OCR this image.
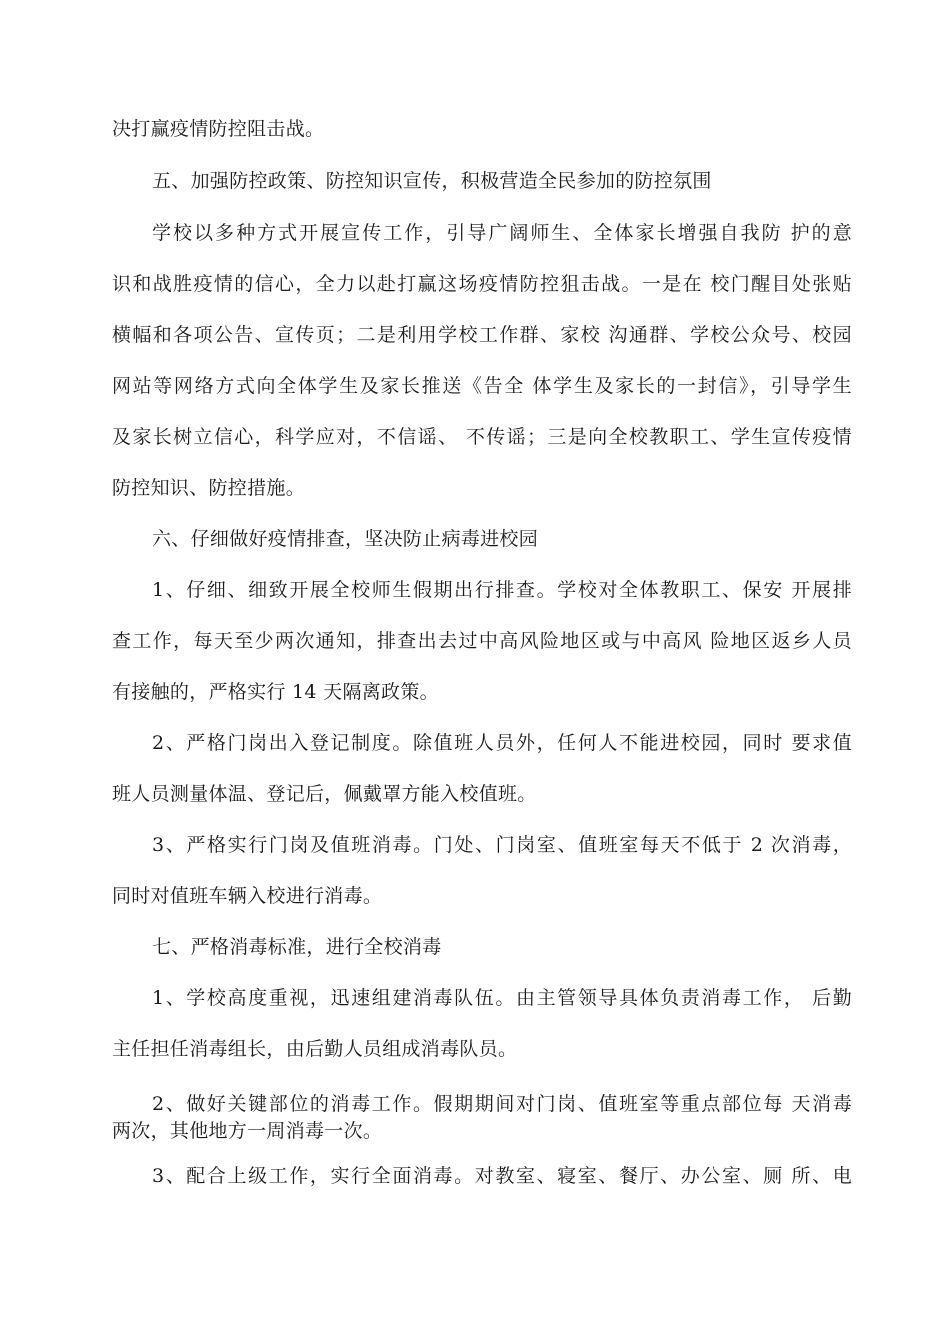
决打赢疫情防控阻击战。
五、加强防控政策、防控知识宣传，积极营造全民参加的防控氛围
学校以多种方式开展宣传工作，引导广阔师生、全体家长增强自我防 护的意
识和战胜疫情的信心，全力以赴打赢这场疫情防控狙击战。一是在 校门醒目处张贴
横幅和各项公告、宣传页；二是利用学校工作群、家校 沟通群、学校公众号、校园
网站等网络方式向全体学生及家长推送《告全 体学生及家长的一封信》，引导学生
及家长树立信心，科学应对，不信谣、 不传谣；三是向全校教职工、学生宣传疫情
防控知识、防控措施。
六、仔细做好疫情排查，坚决防止病毒进校园
1、仔细、细致开展全校师生假期出行排查。学校对全体教职工、保安 开展排
查工作，每天至少两次通知，排查出去过中高风险地区或与中高风 险地区返乡人员
有接触的，严格实行 14 天隔离政策。
2、严格门岗出入登记制度。除值班人员外，任何人不能进校园，同时 要求值
班人员测量体温、登记后，佩戴罩方能入校值班。
3、严格实行门岗及值班消毒。门处、门岗室、值班室每天不低于 2 次消毒，
同时对值班车辆入校进行消毒。
七、严格消毒标准，进行全校消毒
1、学校高度重视，迅速组建消毒队伍。由主管领导具体负责消毒工作， 后勤
主任担任消毒组长，由后勤人员组成消毒队员。
2、做好关键部位的消毒工作。假期期间对门岗、值班室等重点部位每 天消毒
两次，其他地方一周消毒一次。
3、配合上级工作，实行全面消毒。对教室、寝室、餐厅、办公室、厕 所、电
